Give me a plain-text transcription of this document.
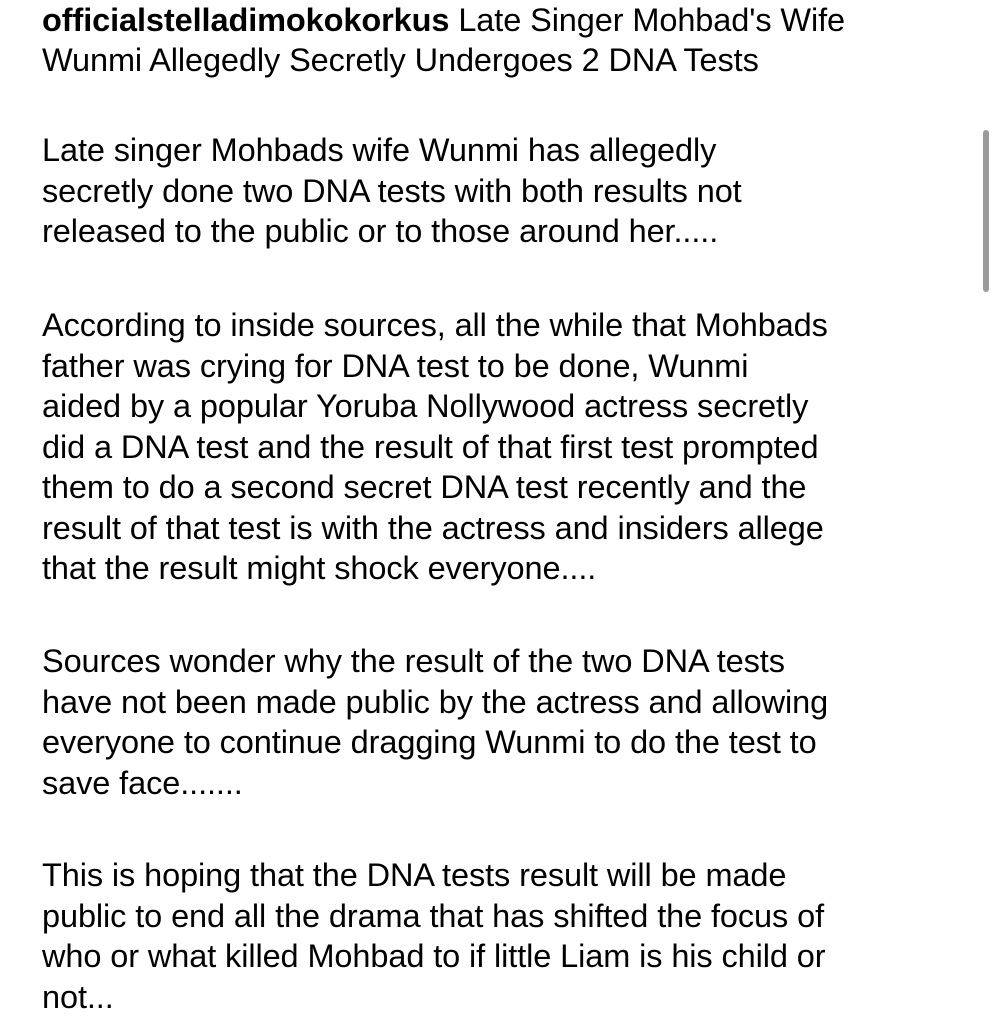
officialstelladimokokorkus Late Singer Mohbad's Wife
Wunmi Allegedly Secretly Undergoes 2 DNA Tests

Late singer Mohbads wife Wunmi has allegedly
secretly done two DNA tests with both results not
released to the public or to those around her.....

According to inside sources, all the while that Mohbads
father was crying for DNA test to be done, Wunmi
aided by a popular Yoruba Nollywood actress secretly
did a DNA test and the result of that first test prompted
them to do a second secret DNA test recently and the
result of that test is with the actress and insiders allege
that the result might shock everyone....

Sources wonder why the result of the two DNA tests
have not been made public by the actress and allowing
everyone to continue dragging Wunmi to do the test to
save face.......

This is hoping that the DNA tests result will be made
public to end all the drama that has shifted the focus of
who or what killed Mohbad to if little Liam is his child or
not...
